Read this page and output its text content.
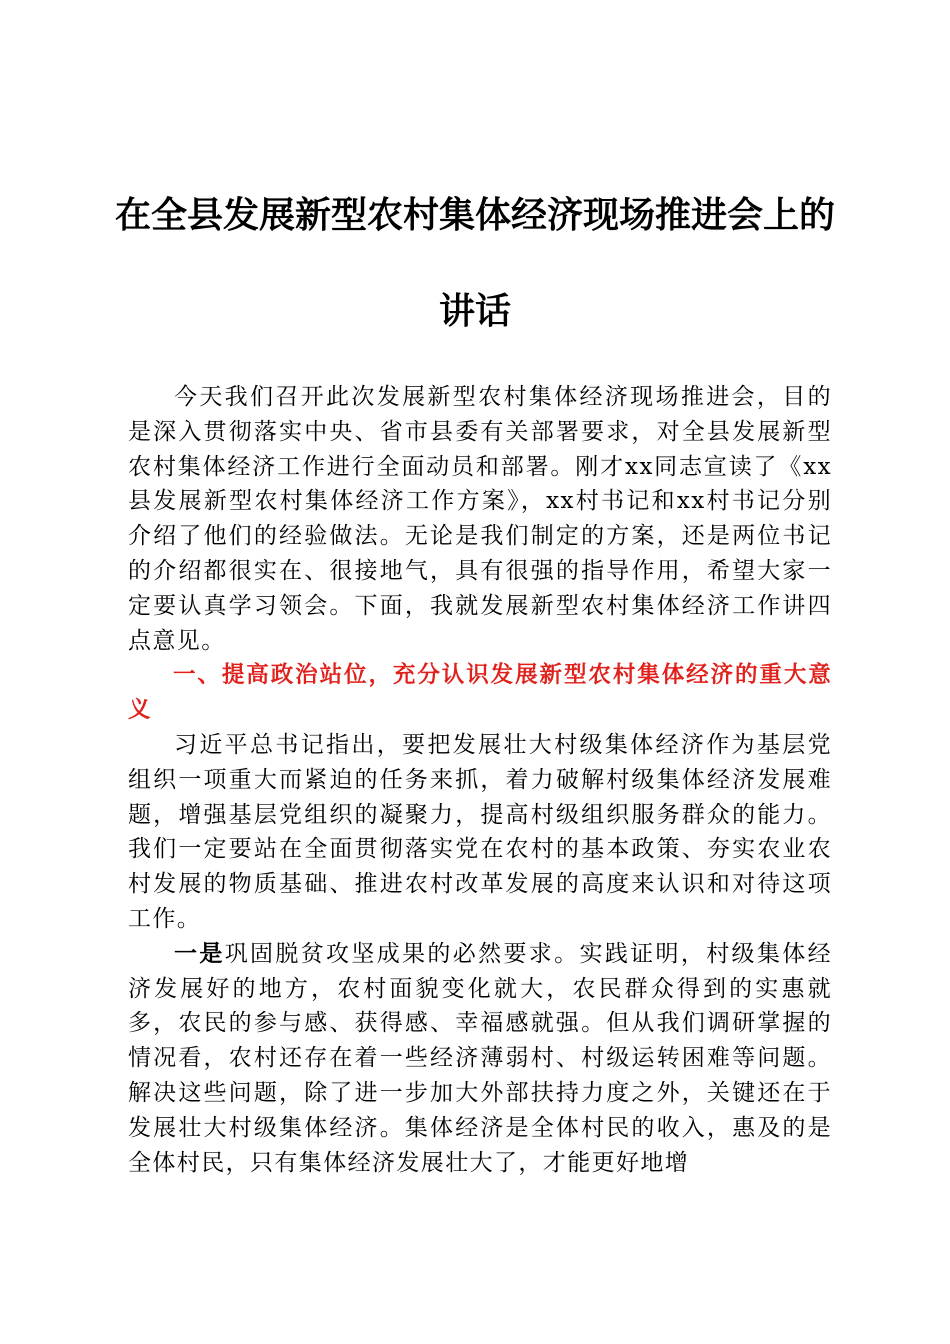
在全县发展新型农村集体经济现场推进会上的
讲话

今天我们召开此次发展新型农村集体经济现场推进会，目的是深入贯彻落实中央、省市县委有关部署要求，对全县发展新型农村集体经济工作进行全面动员和部署。刚才xx同志宣读了《xx县发展新型农村集体经济工作方案》，xx村书记和xx村书记分别介绍了他们的经验做法。无论是我们制定的方案，还是两位书记的介绍都很实在、很接地气，具有很强的指导作用，希望大家一定要认真学习领会。下面，我就发展新型农村集体经济工作讲四点意见。

一、提高政治站位，充分认识发展新型农村集体经济的重大意义

习近平总书记指出，要把发展壮大村级集体经济作为基层党组织一项重大而紧迫的任务来抓，着力破解村级集体经济发展难题，增强基层党组织的凝聚力，提高村级组织服务群众的能力。我们一定要站在全面贯彻落实党在农村的基本政策、夯实农业农村发展的物质基础、推进农村改革发展的高度来认识和对待这项工作。

一是巩固脱贫攻坚成果的必然要求。实践证明，村级集体经济发展好的地方，农村面貌变化就大，农民群众得到的实惠就多，农民的参与感、获得感、幸福感就强。但从我们调研掌握的情况看，农村还存在着一些经济薄弱村、村级运转困难等问题。解决这些问题，除了进一步加大外部扶持力度之外，关键还在于发展壮大村级集体经济。集体经济是全体村民的收入，惠及的是全体村民，只有集体经济发展壮大了，才能更好地增
